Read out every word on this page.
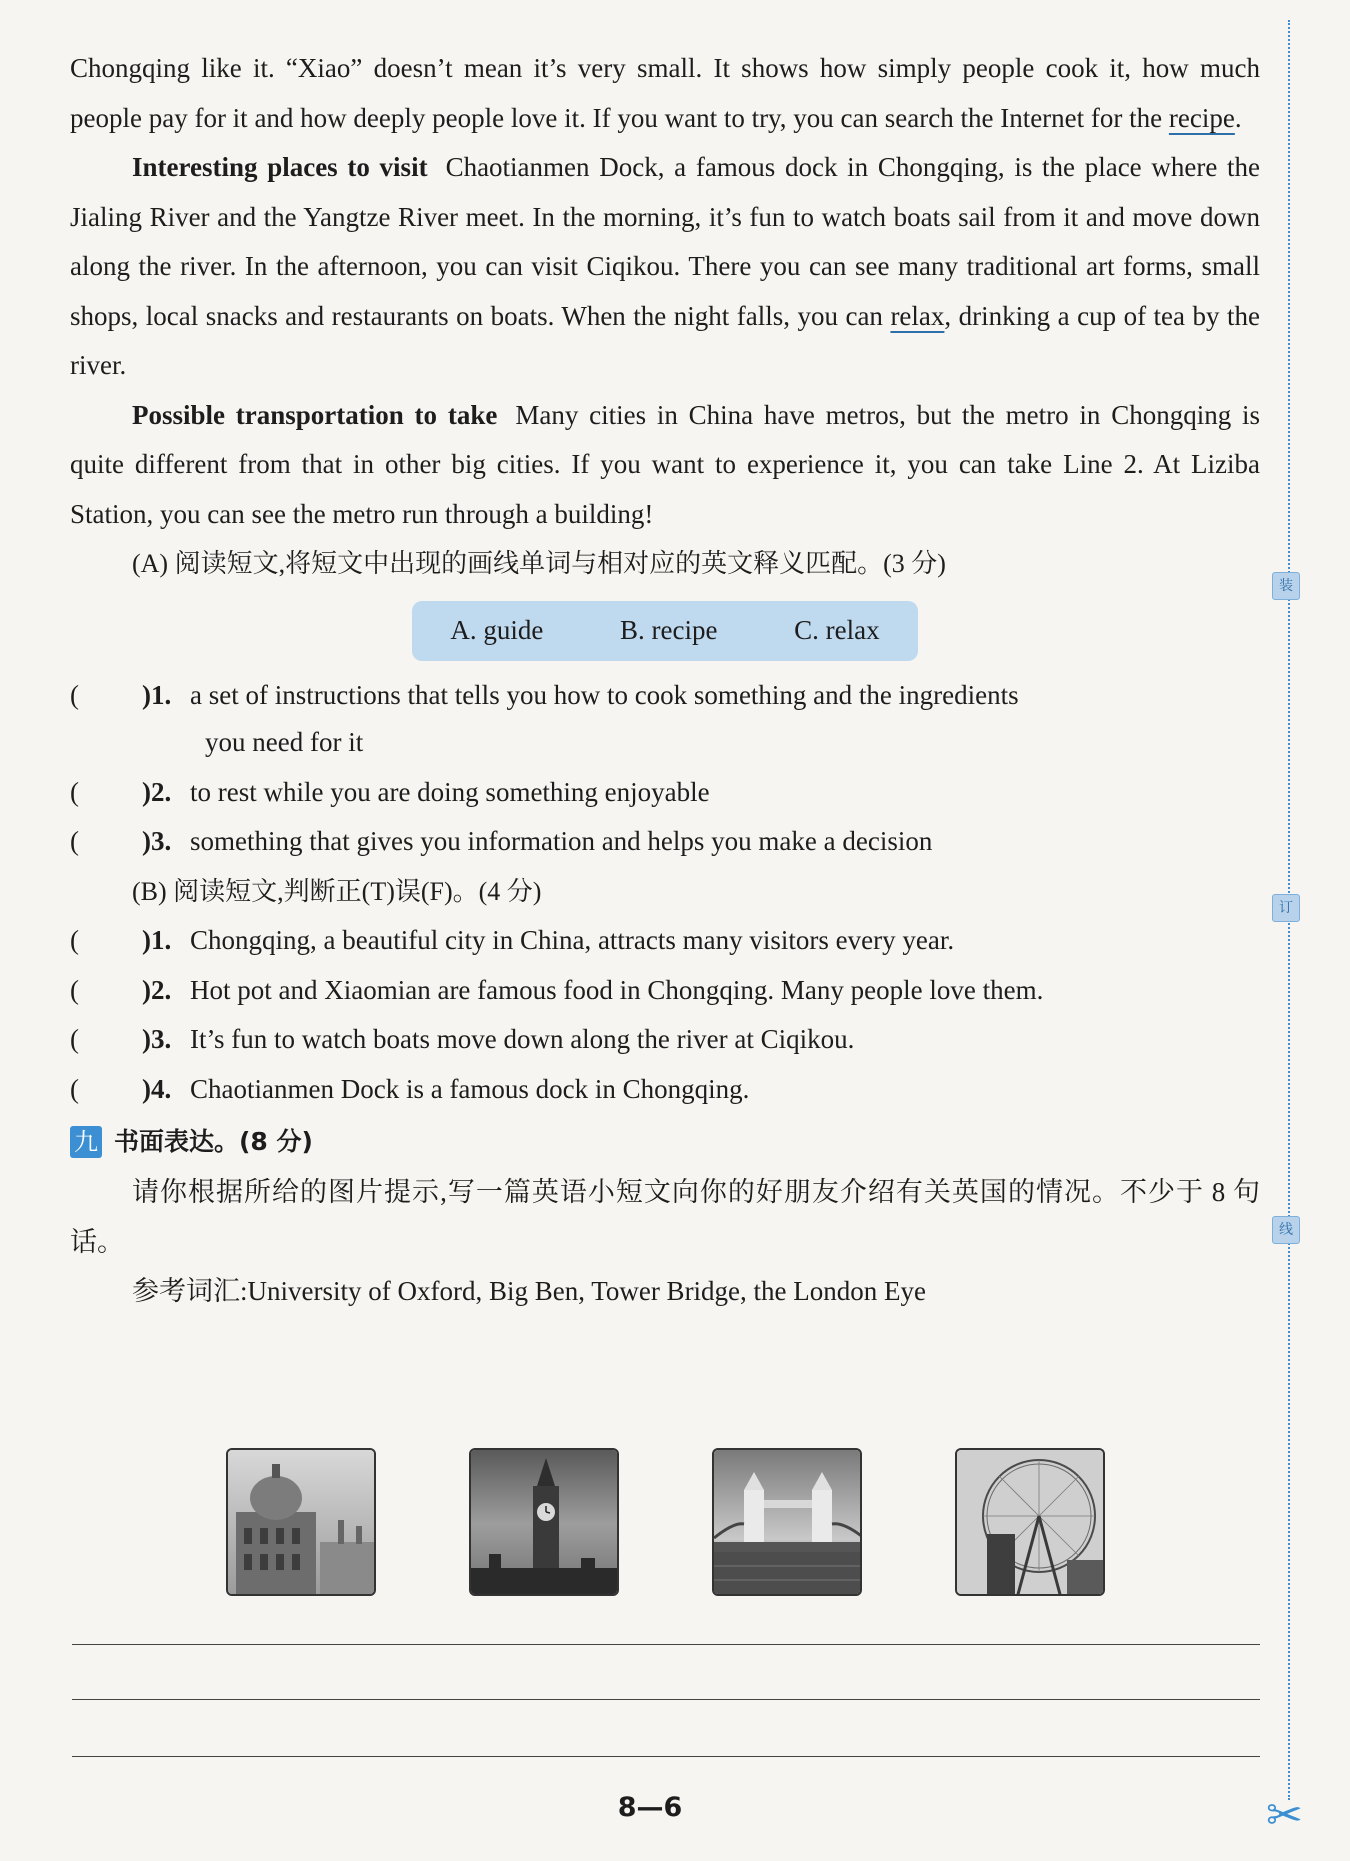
Chongqing like it. “Xiao” doesn’t mean it’s very small. It shows how simply people cook it, how much people pay for it and how deeply people love it. If you want to try, you can search the Internet for the recipe.

Interesting places to visit Chaotianmen Dock, a famous dock in Chongqing, is the place where the Jialing River and the Yangtze River meet. In the morning, it’s fun to watch boats sail from it and move down along the river. In the afternoon, you can visit Ciqikou. There you can see many traditional art forms, small shops, local snacks and restaurants on boats. When the night falls, you can relax, drinking a cup of tea by the river.

Possible transportation to take Many cities in China have metros, but the metro in Chongqing is quite different from that in other big cities. If you want to experience it, you can take Line 2. At Liziba Station, you can see the metro run through a building!

(A) 阅读短文,将短文中出现的画线单词与相对应的英文释义匹配。(3 分)

A. guide	B. recipe	C. relax
(	)1. a set of instructions that tells you how to cook something and the ingredients
you need for it
(	)2. to rest while you are doing something enjoyable
(	)3. something that gives you information and helps you make a decision

(B) 阅读短文,判断正(T)误(F)。(4 分)

(	)1. Chongqing, a beautiful city in China, attracts many visitors every year.
(	)2. Hot pot and Xiaomian are famous food in Chongqing. Many people love them.
(	)3. It’s fun to watch boats move down along the river at Ciqikou.
(	)4. Chaotianmen Dock is a famous dock in Chongqing.
九 书面表达。(8 分)

请你根据所给的图片提示,写一篇英语小短文向你的好朋友介绍有关英国的情况。不少于 8 句话。

参考词汇:University of Oxford, Big Ben, Tower Bridge, the London Eye

8—6
装
订
线
✂
